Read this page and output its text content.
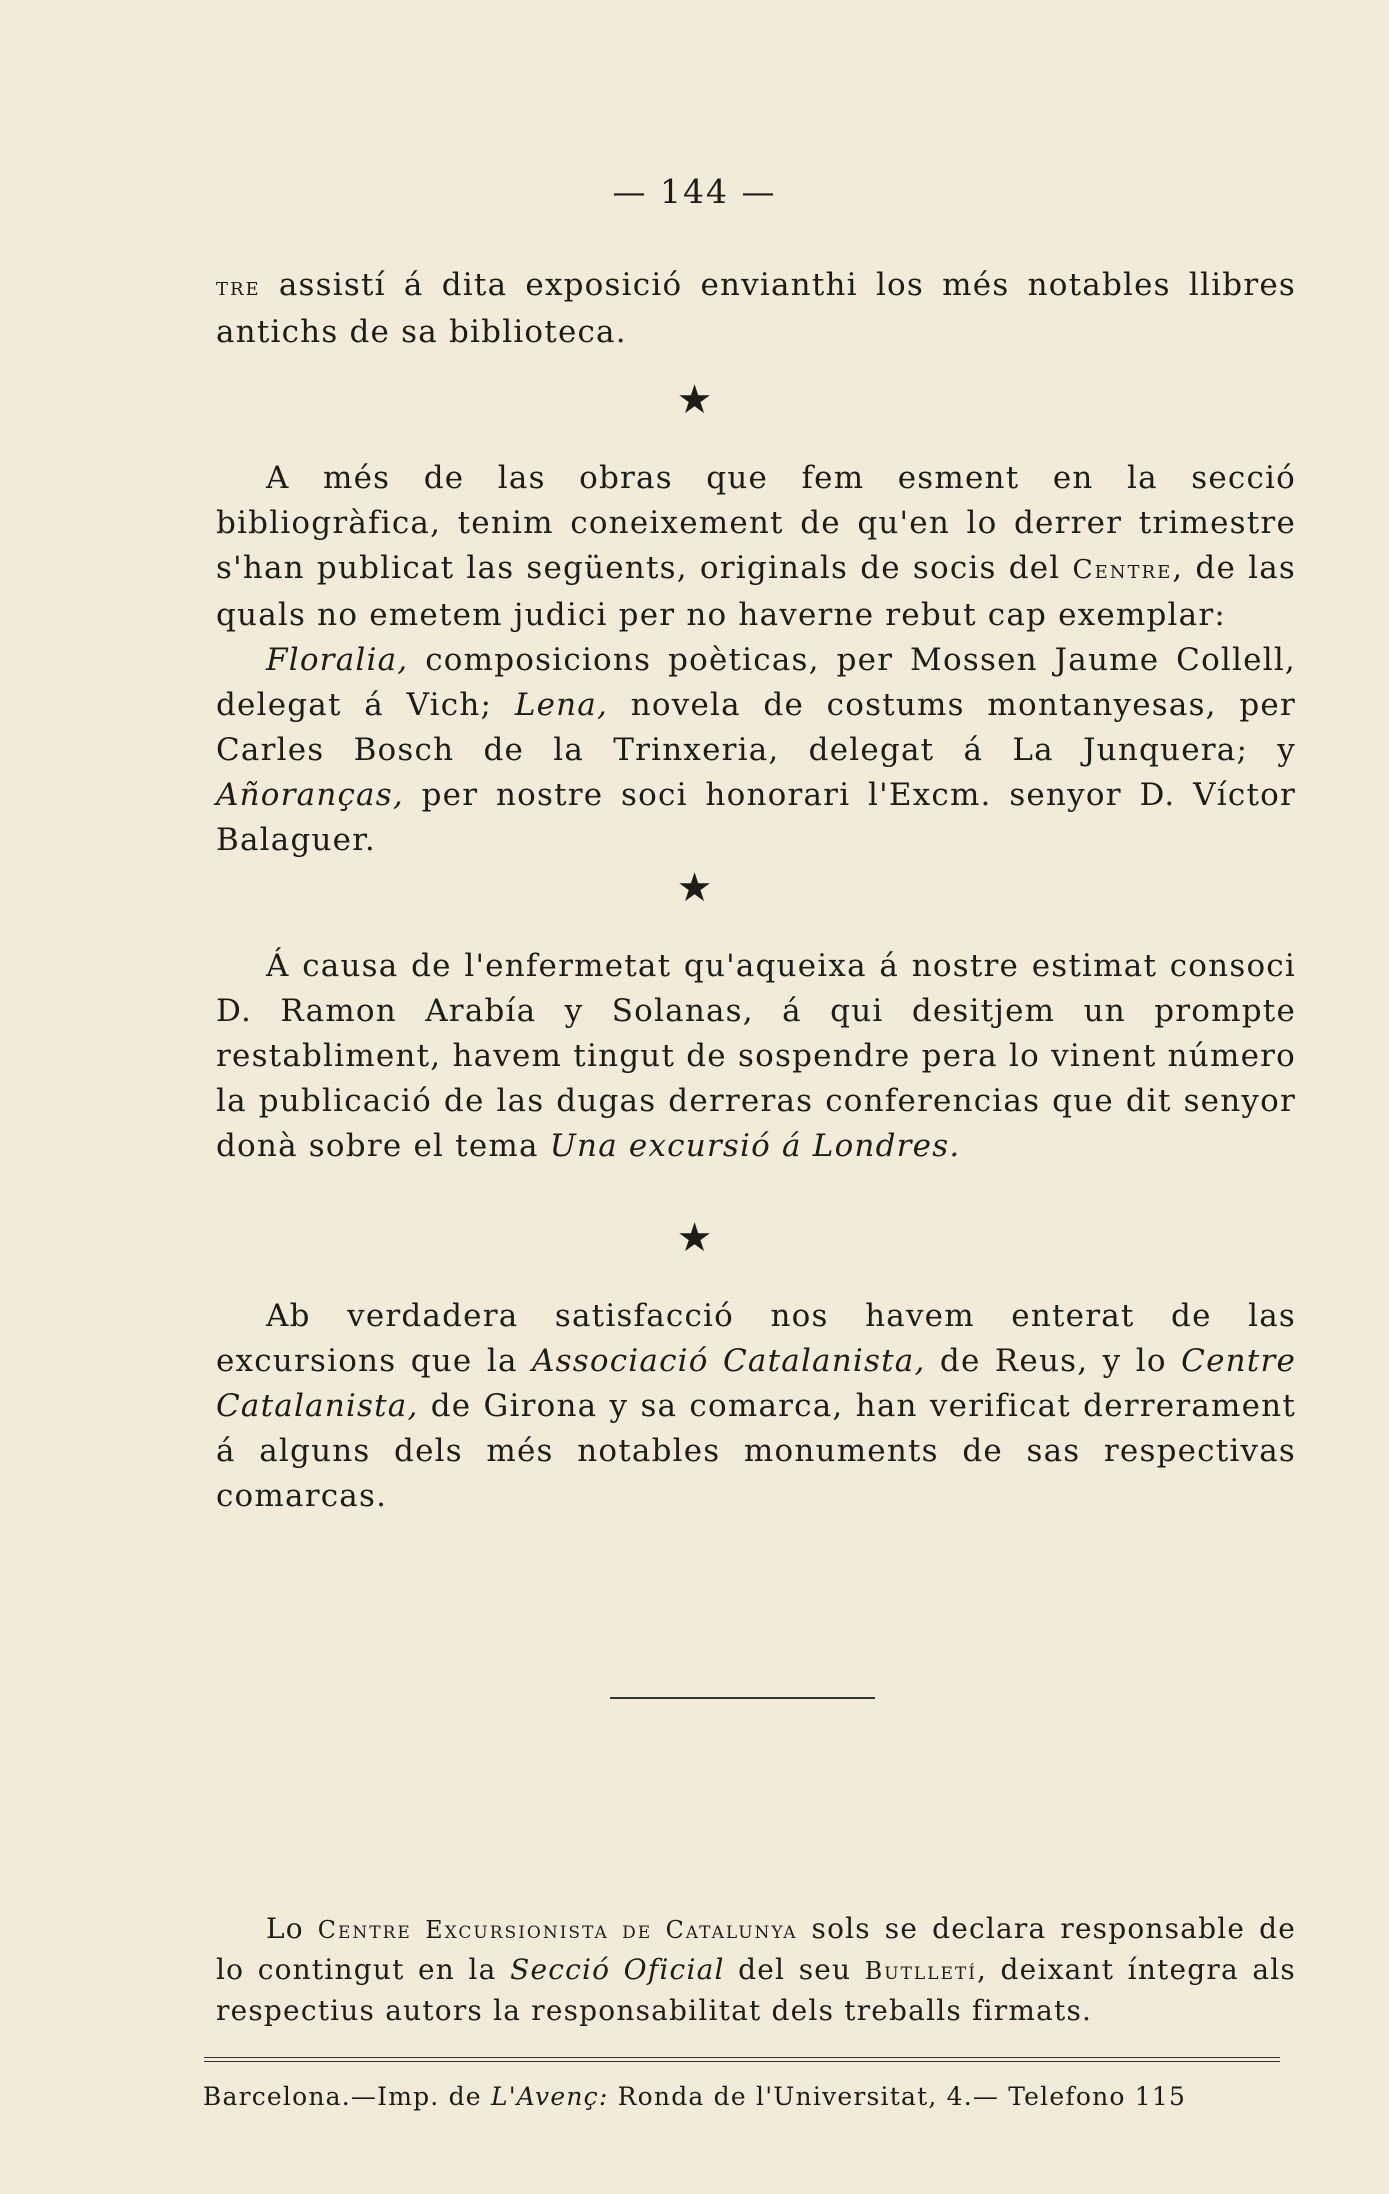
— 144 —

tre assistí á dita exposició envianthi los més notables llibres antichs de sa biblioteca.

★

A més de las obras que fem esment en la secció bibliogràfica, tenim coneixement de qu'en lo derrer trimestre s'han publicat las següents, originals de socis del Centre, de las quals no emetem judici per no haverne rebut cap exemplar:

Floralia, composicions poèticas, per Mossen Jaume Collell, delegat á Vich; Lena, novela de costums montanyesas, per Carles Bosch de la Trinxeria, delegat á La Junquera; y Añoranças, per nostre soci honorari l'Excm. senyor D. Víctor Balaguer.

★

Á causa de l'enfermetat qu'aqueixa á nostre estimat consoci D. Ramon Arabía y Solanas, á qui desitjem un prompte restabliment, havem tingut de sospendre pera lo vinent número la publicació de las dugas derreras conferencias que dit senyor donà sobre el tema Una excursió á Londres.

★

Ab verdadera satisfacció nos havem enterat de las excursions que la Associació Catalanista, de Reus, y lo Centre Catalanista, de Girona y sa comarca, han verificat derrerament á alguns dels més notables monuments de sas respectivas comarcas.

Lo Centre Excursionista de Catalunya sols se declara responsable de lo contingut en la Secció Oficial del seu Butlletí, deixant íntegra als respectius autors la responsabilitat dels treballs firmats.

Barcelona.—Imp. de L'Avenç: Ronda de l'Universitat, 4.— Telefono 115
